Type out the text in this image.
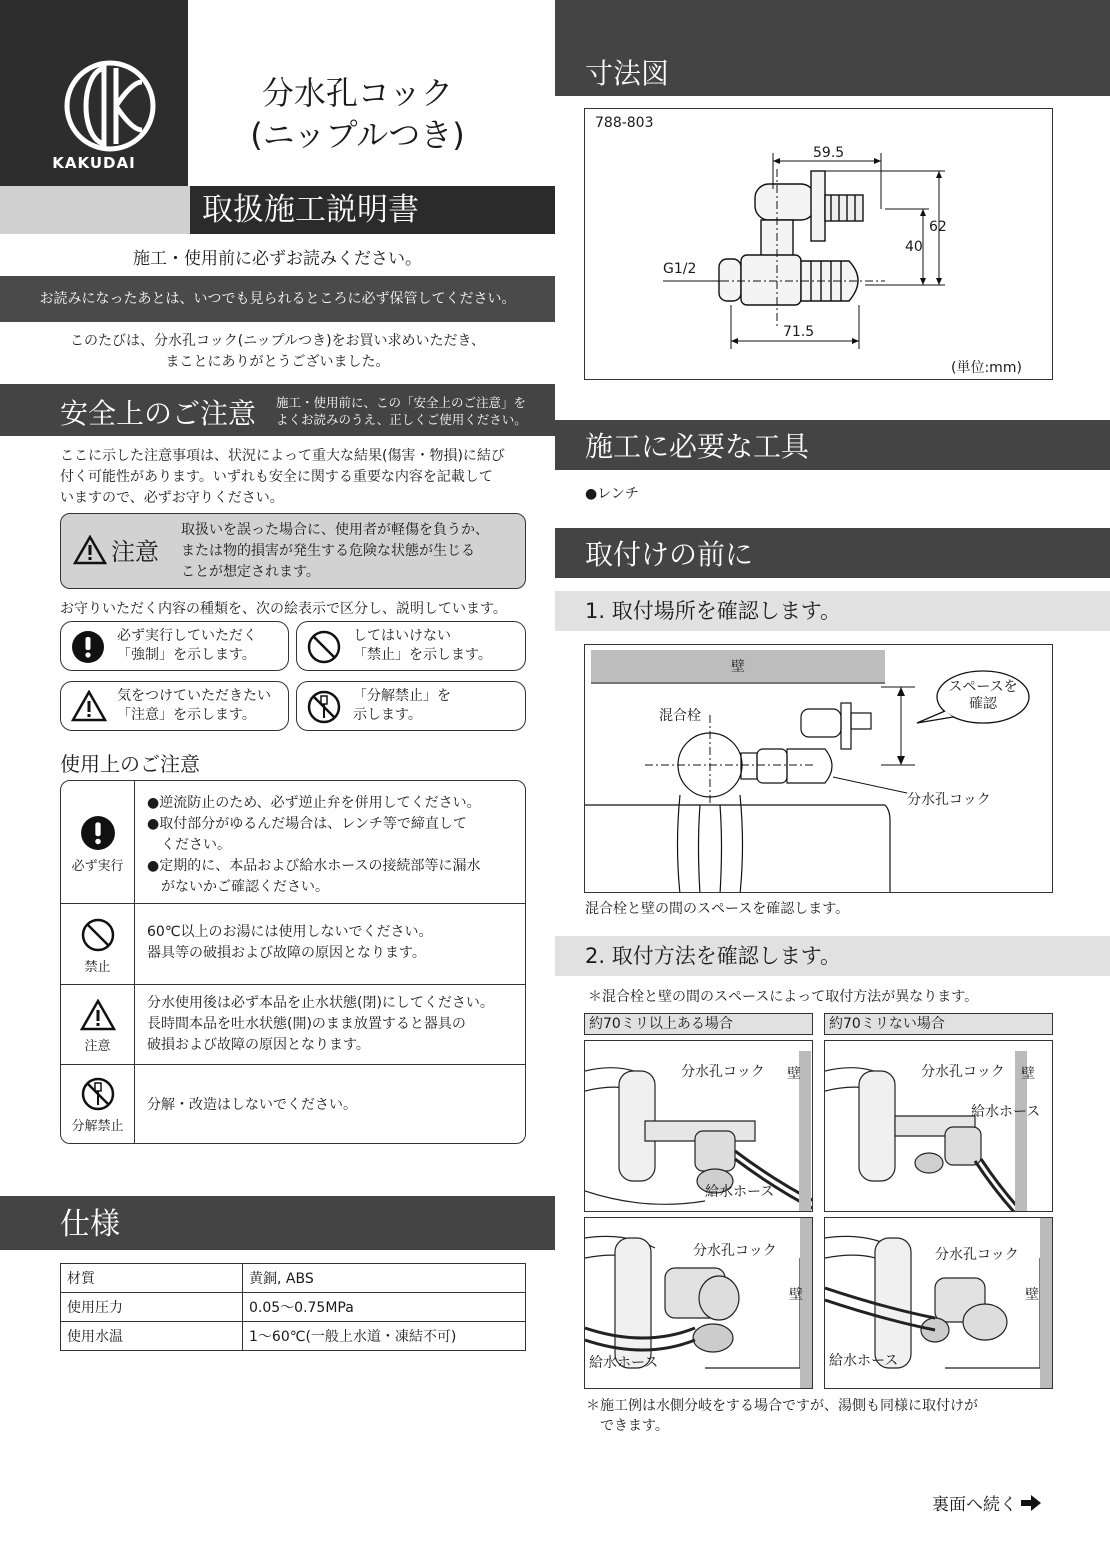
KAKUDAI
分水孔コック
(ニップルつき)
取扱施工説明書
施工・使用前に必ずお読みください。
お読みになったあとは、いつでも見られるところに必ず保管してください。
このたびは、分水孔コック(ニップルつき)をお買い求めいただき、
まことにありがとうございました。
安全上のご注意 施工・使用前に、この「安全上のご注意」を
よくお読みのうえ、正しくご使用ください。
ここに示した注意事項は、状況によって重大な結果(傷害・物損)に結び
付く可能性があります。いずれも安全に関する重要な内容を記載して
いますので、必ずお守りください。
注意
取扱いを誤った場合に、使用者が軽傷を負うか、
または物的損害が発生する危険な状態が生じる
ことが想定されます。
お守りいただく内容の種類を、次の絵表示で区分し、説明しています。
必ず実行していただく
「強制」を示します。
してはいけない
「禁止」を示します。
気をつけていただきたい
「注意」を示します。
「分解禁止」を
示します。
使用上のご注意
必ず実行
●逆流防止のため、必ず逆止弁を併用してください。
●取付部分がゆるんだ場合は、レンチ等で締直して
ください。
●定期的に、本品および給水ホースの接続部等に漏水
がないかご確認ください。
禁止
60℃以上のお湯には使用しないでください。
器具等の破損および故障の原因となります。
注意
分水使用後は必ず本品を止水状態(閉)にしてください。
長時間本品を吐水状態(開)のまま放置すると器具の
破損および故障の原因となります。
分解禁止
分解・改造はしないでください。
仕様
材質	黄銅, ABS
使用圧力	0.05～0.75MPa
使用水温	1～60℃(一般上水道・凍結不可)
寸法図
788-803
59.5
62
40
71.5
G1/2
(単位:mm)
施工に必要な工具
●レンチ
取付けの前に
1. 取付場所を確認します。
壁
混合栓
スペースを
確認
分水孔コック
混合栓と壁の間のスペースを確認します。
2. 取付方法を確認します。
＊混合栓と壁の間のスペースによって取付方法が異なります。
約70ミリ以上ある場合	約70ミリない場合
分水孔コック 壁
給水ホース
分水孔コック 壁
給水ホース
分水孔コック
壁
給水ホース
分水孔コック
壁
給水ホース
＊施工例は水側分岐をする場合ですが、湯側も同様に取付けが
できます。
裏面へ続く
